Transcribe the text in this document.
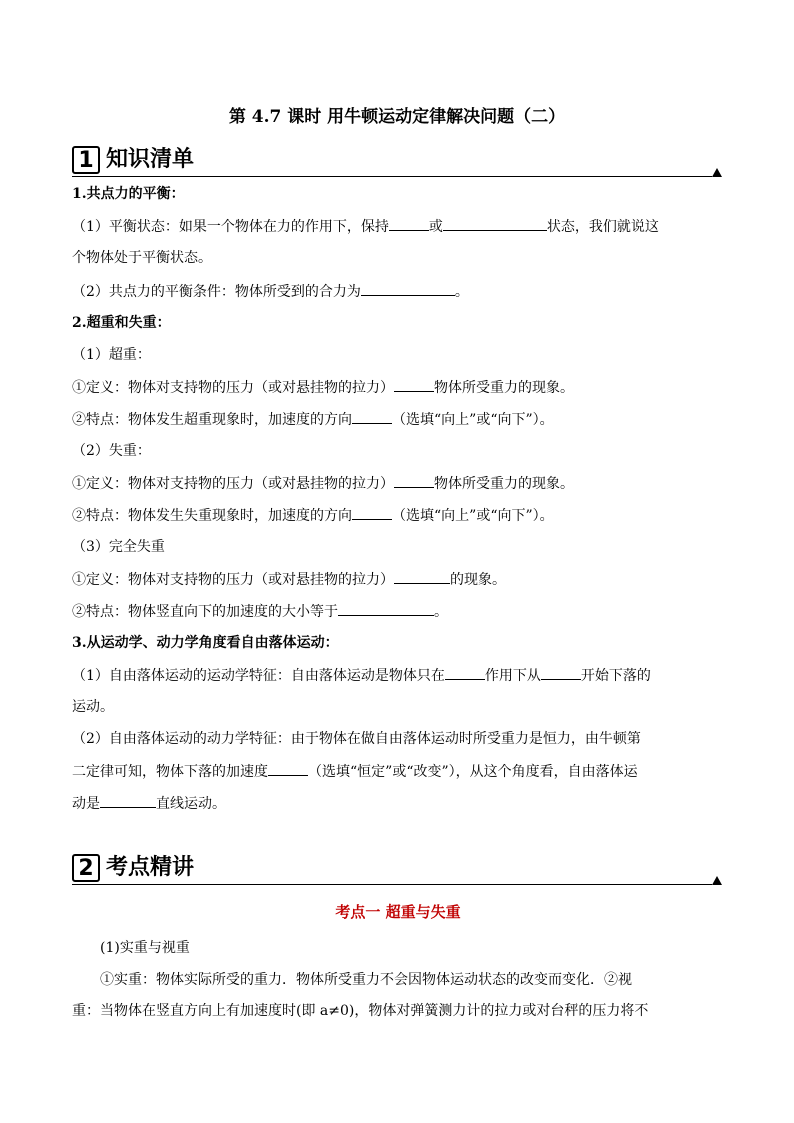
第 4.7 课时 用牛顿运动定律解决问题（二）
1 知识清单
1.共点力的平衡：
（1）平衡状态：如果一个物体在力的作用下，保持	或	状态，我们就说这
个物体处于平衡状态。
（2）共点力的平衡条件：物体所受到的合力为	。
2.超重和失重：
（1）超重：
①定义：物体对支持物的压力（或对悬挂物的拉力）	物体所受重力的现象。
②特点：物体发生超重现象时，加速度的方向	（选填“向上”或“向下”）。
（2）失重：
①定义：物体对支持物的压力（或对悬挂物的拉力）	物体所受重力的现象。
②特点：物体发生失重现象时，加速度的方向	（选填“向上”或“向下”）。
（3）完全失重
①定义：物体对支持物的压力（或对悬挂物的拉力）	的现象。
②特点：物体竖直向下的加速度的大小等于	。
3.从运动学、动力学角度看自由落体运动：
（1）自由落体运动的运动学特征：自由落体运动是物体只在	作用下从	开始下落的
运动。
（2）自由落体运动的动力学特征：由于物体在做自由落体运动时所受重力是恒力，由牛顿第
二定律可知，物体下落的加速度	（选填“恒定”或“改变”），从这个角度看，自由落体运
动是	直线运动。
2 考点精讲
考点一 超重与失重
(1)实重与视重
①实重：物体实际所受的重力．物体所受重力不会因物体运动状态的改变而变化．②视
重：当物体在竖直方向上有加速度时(即 a≠0)，物体对弹簧测力计的拉力或对台秤的压力将不
